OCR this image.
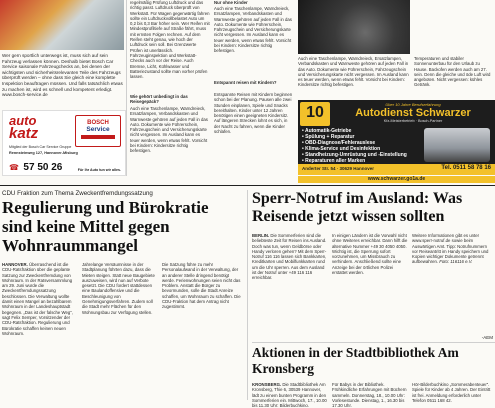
Wer gern sportlich unterwegs ist, muss sich auf sein Fahrzeug verlassen können. Deshalb bietet Bosch Car Service saisonale Fahrzeugchecks an, bei denen der wichtigsten und sicherheitsrelevanten Teile des Fahrzeugs überprüft werden – ohne dass Sie gleich eine komplette Inspektion beauftragen müssen. Und falls tatsächlich etwas zu machen ist, wird es schnell und kompetent erledigt. www.bosch-service.de
auto
katz
BOSCH
Service
Mitglied der Bosch Car Service Gruppe
Rennsteinweg 127, Hannover-Misburg
☎ 57 50 26	Für Ihr Auto tun wir alles.
regelmäßig Prüfung Luftdruck und das richtig passt. Luftdruck überprüft von Werkstatt. Für Wagen gegenwärtig fahren sollte ein Luftdruckvollbelastet Auto um 0,2 bis 0,3 Bar höher sein. Wer Reifen mit Mindestprofiltiefe auf Straße fährt, muss mit ernsten Folgen rechnen. Auf dem Reifen steht genau, wie hoch der Luftdruck sein soll. Bei Grenzwerte Prüfen ist unerlässlich. Fahrzeuginspektion und Werkstatt-Checks auch vor der Reise. Auch Bremse, Licht, Kühlwasser und Batteriezustand sollte man vorher prüfen lassen.
Wie gehört unbedingt in das Reisegepäck?
Auch eine Taschenlampe, Warndreieck, Ersatzlampen, Verbandskasten und Warnweste gehören auf jeden Fall in das Auto. Dokumente wie Führerschein, Fahrzeugschein und Versicherungskarte nicht vergessen. Im Ausland kann es teuer werden, wenn etwas fehlt. Vorsicht bei Kindern: Kindersitze richtig befestigen.
Nur ohne Kinder
Auch eine Taschenlampe, Warndreieck, Ersatzlampen, Verbandskasten und Warnweste gehören auf jeden Fall in das Auto. Dokumente wie Führerschein, Fahrzeugschein und Versicherungskarte nicht vergessen. Im Ausland kann es teuer werden, wenn etwas fehlt. Vorsicht bei Kindern: Kindersitze richtig befestigen.
Entspannt reisen mit Kindern?
Entspannte Reisen mit Kindern beginnen schon bei der Planung. Pausen alle zwei Stunden einplanen, Spiele und Snacks bereithalten. Kinder unter 12 Jahren benötigen einen geeigneten Kindersitz. Auf längeren Strecken lohnt es sich, in der Nacht zu fahren, wenn die Kinder schlafen.
Auch eine Taschenlampe, Warndreieck, Ersatzlampen, Verbandskasten und Warnweste gehören auf jeden Fall in das Auto. Dokumente wie Führerschein, Fahrzeugschein und Versicherungskarte nicht vergessen. Im Ausland kann es teuer werden, wenn etwas fehlt. Vorsicht bei Kindern: Kindersitze richtig befestigen.
Temperaturen und stabiler Sonnenunterbau für den Urlaub zu Hause. Backofen werden auch am 27. sein. Denn die gleiche und öde Luft wird angeboten. Nicht vergessen: kühles Getränk.
10	Über 10 Jahre Berufserfahrung
Autodienst Schwarzer
Kfz-Meisterbetrieb · Bosch-Partner
• Automatik-Getriebe
• Spülung + Reparatur
• OBD-Diagnose/Fehlerauslese
• Klima-Service und Desinfektion
• Standheizung-Umrüstung und -Einstellung
• Reparaturen aller Marken
Anderter Str. 54 · 30629 Hannover	Tel. 0511 58 78 16
www.schwarzer.go1a.de
CDU Fraktion zum Thema Zweckentfremdungssatzung
Regulierung und Bürokratie sind keine Mittel gegen Wohnraummangel
HANNOVER. Überraschend ist die CDU-Ratsfraktion über die geplante Satzung zur Zweckentfremdung von Wohnraum. In der Ratsversammlung am 29. Juni wurde die Zweckentfremdungssatzung beschlossen. Die Verwaltung wollte damit einen Mangel an bezahlbarem Wohnraum in der Landeshauptstadt begegnen. „Das ist der falsche Weg“, sagt Felix Semper, Vorsitzender der CDU-Ratsfraktion. Regulierung und Bürokratie schaffen keinen neuen Wohnraum.
Jahrelange Versäumnisse in der Stadtplanung führten dazu, dass die Mieten steigen. Statt neue Baugebiete auszuweisen, wird nun auf Verbote gesetzt. Die CDU fordert stattdessen eine Baulandoffensive und die Beschleunigung von Genehmigungsverfahren. Zudem soll die Stadt mehr Flächen für den Wohnungsbau zur Verfügung stellen.
Die Satzung führe zu mehr Personalaufwand in der Verwaltung, der an anderer Stelle dringend benötigt werde. Ferienwohnungen seien nicht das Problem. Anstatt die Bürger zu bevormunden, solle die Stadt Anreize schaffen, um Wohnraum zu schaffen. Die CDU-Fraktion hat dem Antrag nicht zugestimmt.
Sperr-Notruf im Ausland: Was Reisende jetzt wissen sollten
BERLIN. Die Sommerferien sind die beliebteste Zeit für Reisen ins Ausland. Doch was tun, wenn Geldbörse oder Handy verloren gehen? Mit dem Sperr-Notruf 116 116 lassen sich Bankkarten, Kreditkarten und Mobilfunkkarten rund um die Uhr sperren. Aus dem Ausland ist der Notruf unter +49 116 116 erreichbar.
In einigen Ländern ist die Vorwahl nicht ohne Weiteres erreichbar. Dann hilft die alternative Nummer +49 30 4050 4050. Wichtig ist, die Sperrung sofort vorzunehmen, um Missbrauch zu verhindern. Anschließend sollte eine Anzeige bei der örtlichen Polizei erstattet werden.
Weitere Informationen gibt es unter www.sperr-notruf.de sowie beim Auswärtigen Amt. Tipp: Notrufnummern vor Reiseantritt im Handy speichern und Kopien wichtiger Dokumente getrennt aufbewahren. Foto: 116116 e.V.
-AEM
Aktionen in der Stadtbibliothek Am Kronsberg
KRONSBERG. Die Stadtbibliothek Am Kronsberg, Thie 6, 30539 Hannover, lädt zu einem bunten Programm in den Sommerferien ein. Mittwoch, 17., 10.00 bis 11.30 Uhr: Bilderbuchkino.
Für Babys in der Bibliothek. Frühkindliche Erfahrungen mit Büchern sammeln. Donnerstag, 18., 10.00 Uhr: Vorlesestunde. Dienstag, 1., 16.30 bis 17.30 Uhr.
Hör-Bilderbuchkino „Sommerabenteuer“. Spiele für Kinder ab 4 Jahren. Der Eintritt ist frei. Anmeldung erforderlich unter Telefon 0511 168 42.
